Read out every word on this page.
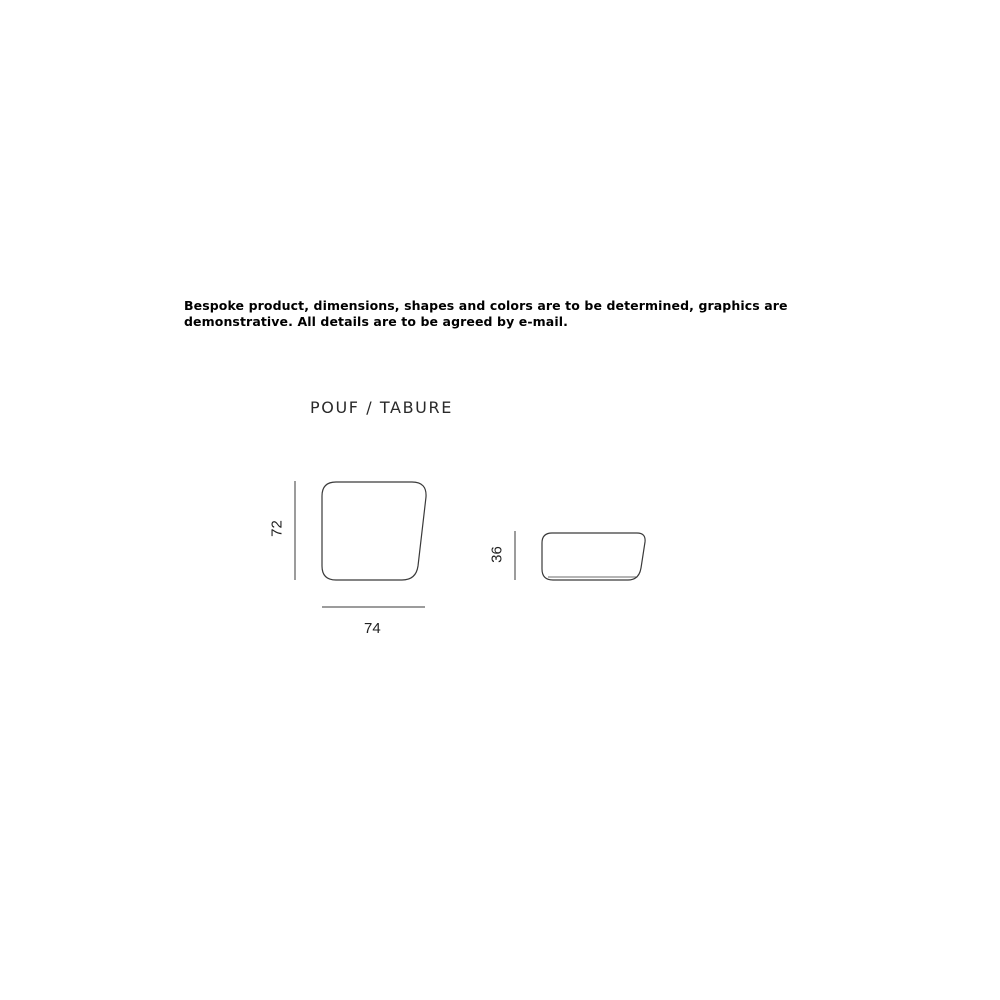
Bespoke product, dimensions, shapes and colors are to be determined, graphics are
demonstrative. All details are to be agreed by e-mail.
POUF / TABURE
72
74
36
